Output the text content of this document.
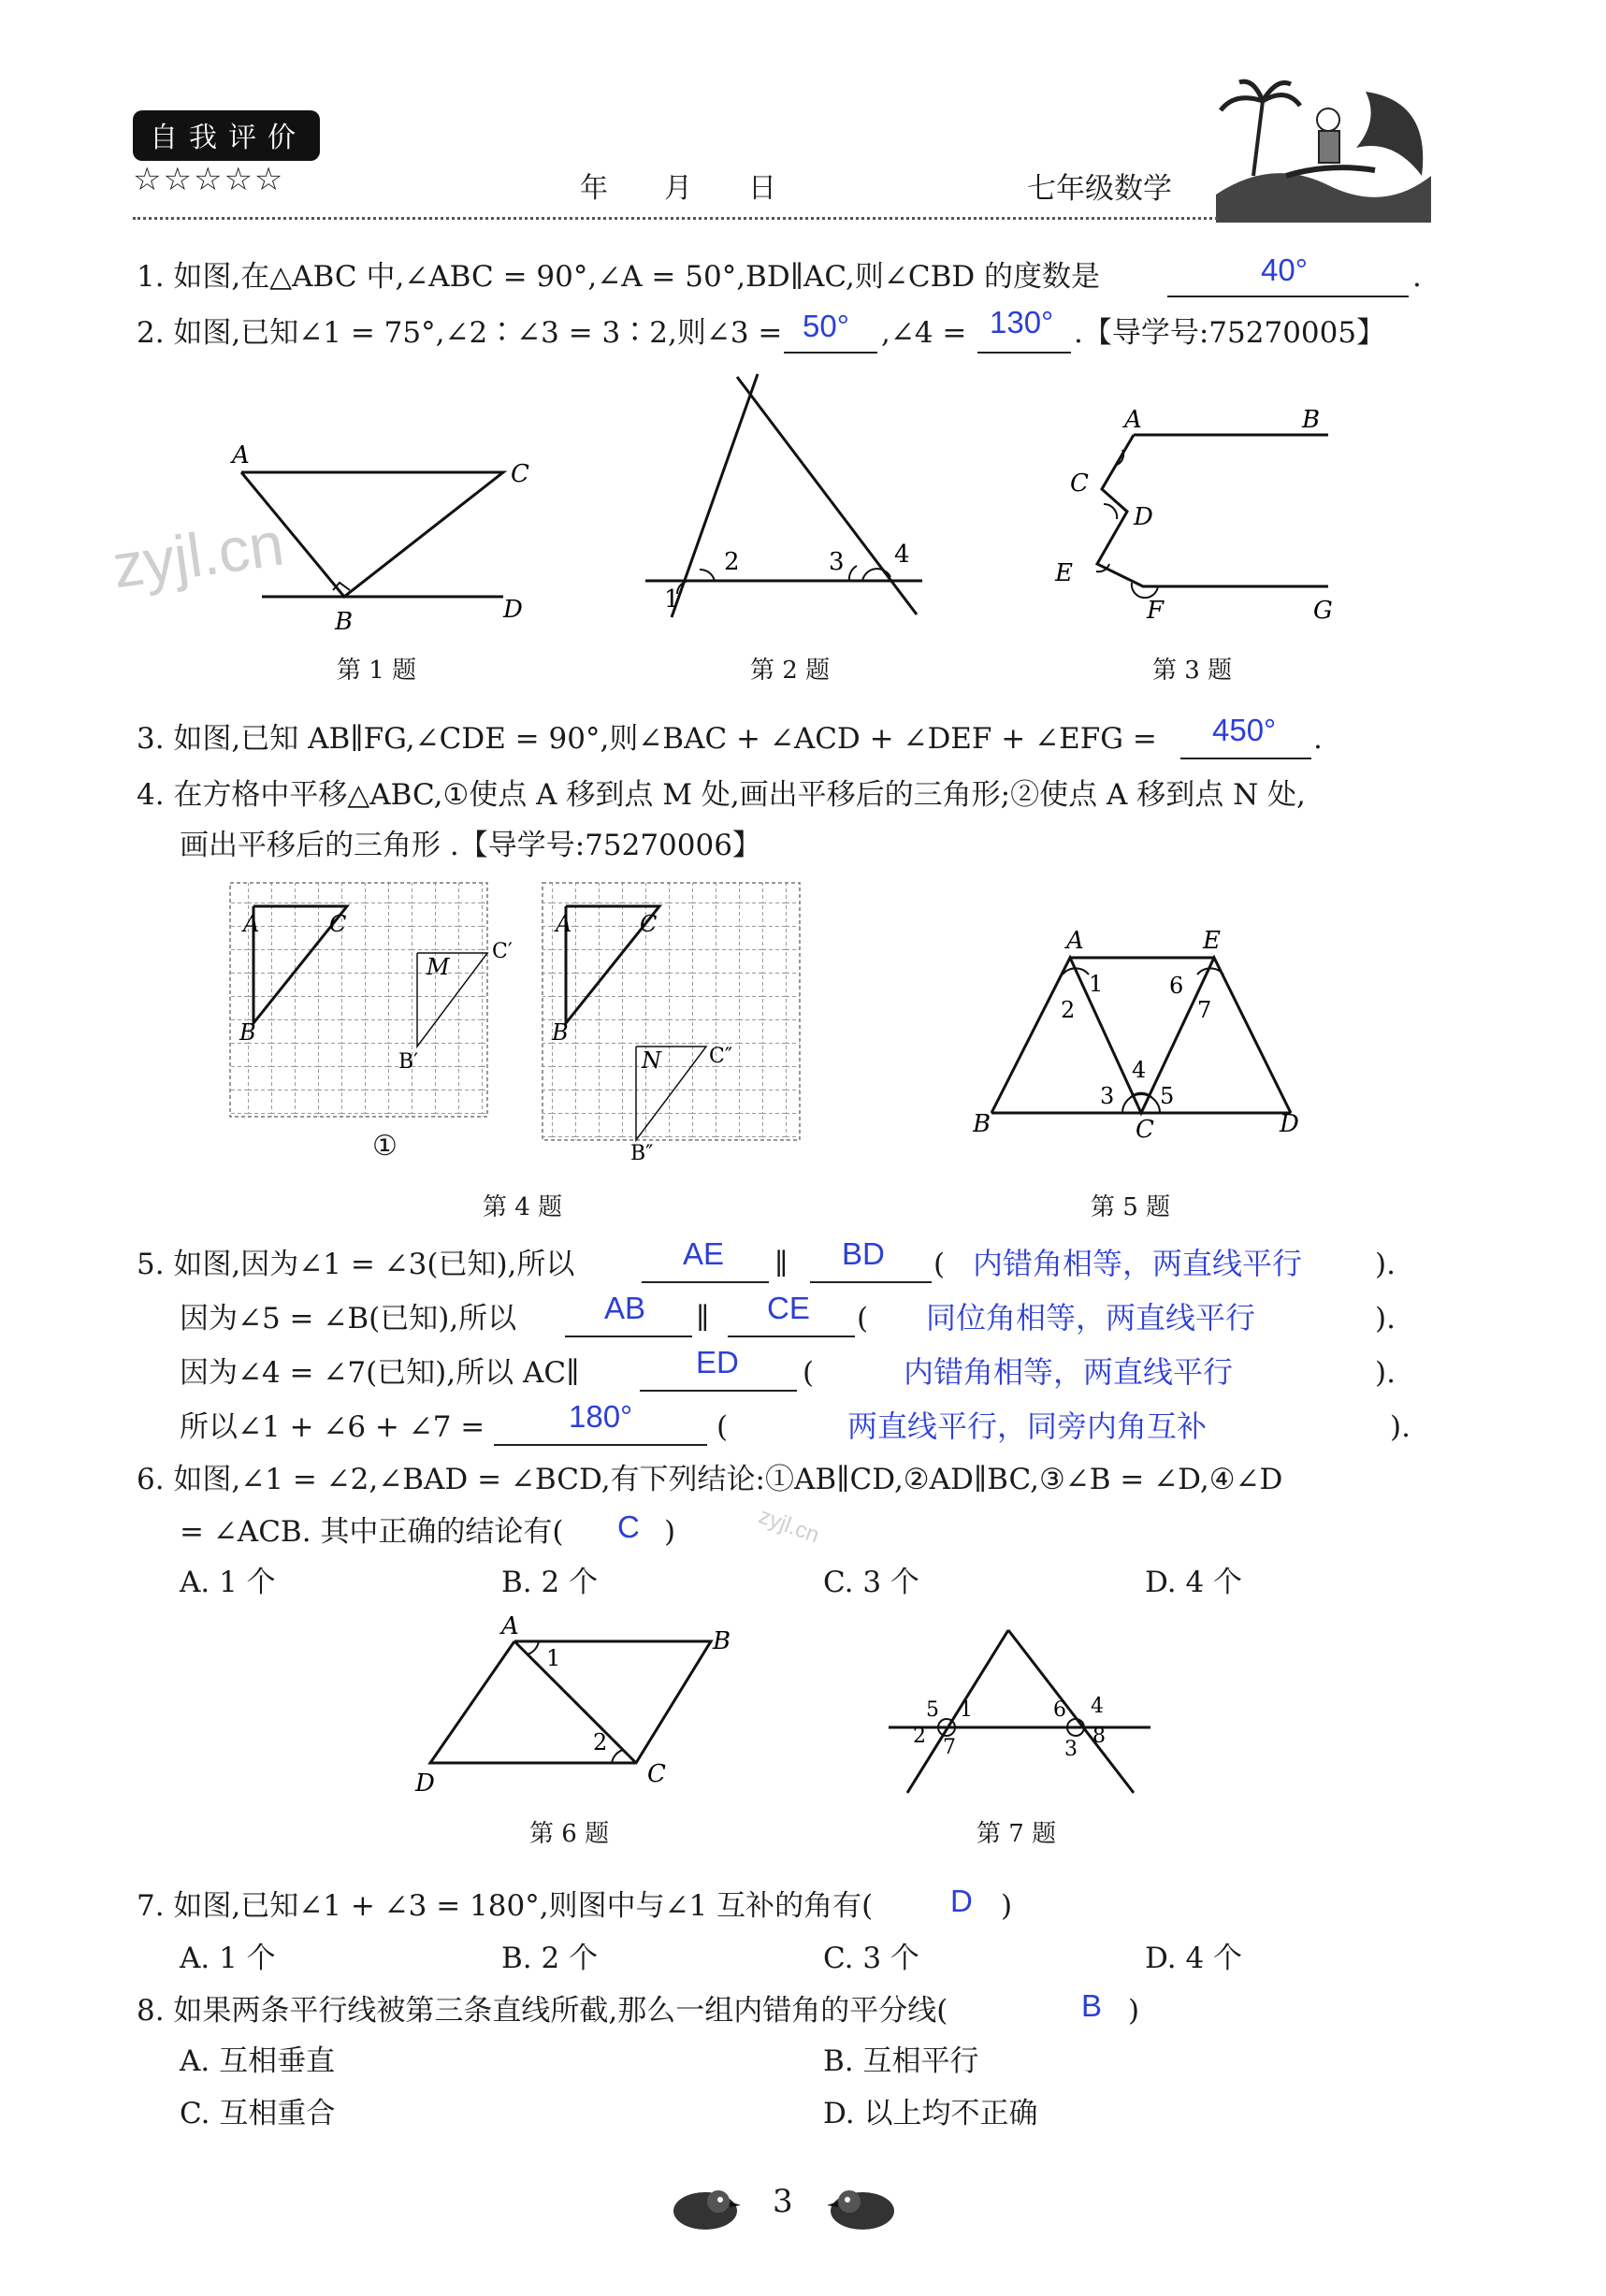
自我评价
☆☆☆☆☆	年　　月　　日	七年级数学
1. 如图,在△ABC 中,∠ABC = 90°,∠A = 50°,BD∥AC,则∠CBD 的度数是	40°	.
2. 如图,已知∠1 = 75°,∠2∶∠3 = 3∶2,则∠3 = 50° ,∠4 = 130° .【导学号:75270005】
A
C
B	D
第 1 题
2
1
3 4
第 2 题
A	B
C
D
E
F	G
第 3 题
3. 如图,已知 AB∥FG,∠CDE = 90°,则∠BAC + ∠ACD + ∠DEF + ∠EFG = 450° .
4. 在方格中平移△ABC,①使点 A 移到点 M 处,画出平移后的三角形;②使点 A 移到点 N 处,
画出平移后的三角形 .【导学号:75270006】
A	C
B
M
C′
B′
A	C
B
N C″
B″
①
第 4 题
A	E
B	C	D
1
2
6
7
4
3 5
第 5 题
5. 如图,因为∠1 = ∠3(已知),所以	AE ∥ BD ( 内错角相等，两直线平行	).
因为∠5 = ∠B(已知),所以	AB ∥ CE ( 同位角相等，两直线平行	).
因为∠4 = ∠7(已知),所以 AC∥	ED (	内错角相等，两直线平行	).
所以∠1 + ∠6 + ∠7 =	180°	(	两直线平行，同旁内角互补	).
6. 如图,∠1 = ∠2,∠BAD = ∠BCD,有下列结论:①AB∥CD,②AD∥BC,③∠B = ∠D,④∠D
= ∠ACB. 其中正确的结论有( C )
A. 1 个	B. 2 个	C. 3 个	D. 4 个
A
B
D	C
1
2
第 6 题
5 1
2 7
6 4
3
8
第 7 题
7. 如图,已知∠1 + ∠3 = 180°,则图中与∠1 互补的角有(	D )
A. 1 个	B. 2 个	C. 3 个	D. 4 个
8. 如果两条平行线被第三条直线所截,那么一组内错角的平分线(	B )
A. 互相垂直	B. 互相平行
C. 互相重合	D. 以上均不正确
3
zyjl.cn
zyjl.cn
